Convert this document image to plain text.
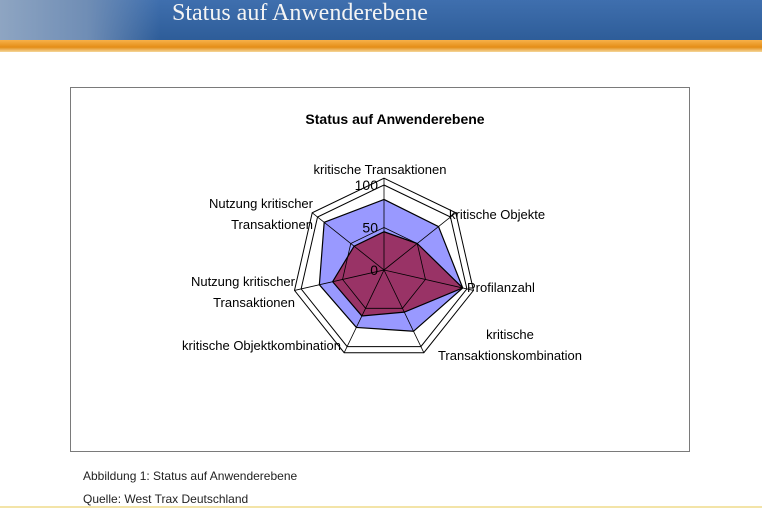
Status auf Anwenderebene
Status auf Anwenderebene
0
50
100
kritische Transaktionen
kritische Objekte
Profilanzahl
kritische Transaktionskombination
kritische Objektkombination
Nutzung kritischer Transaktionen
Nutzung kritischer Transaktionen
Abbildung 1: Status auf Anwenderebene
Quelle: West Trax Deutschland
